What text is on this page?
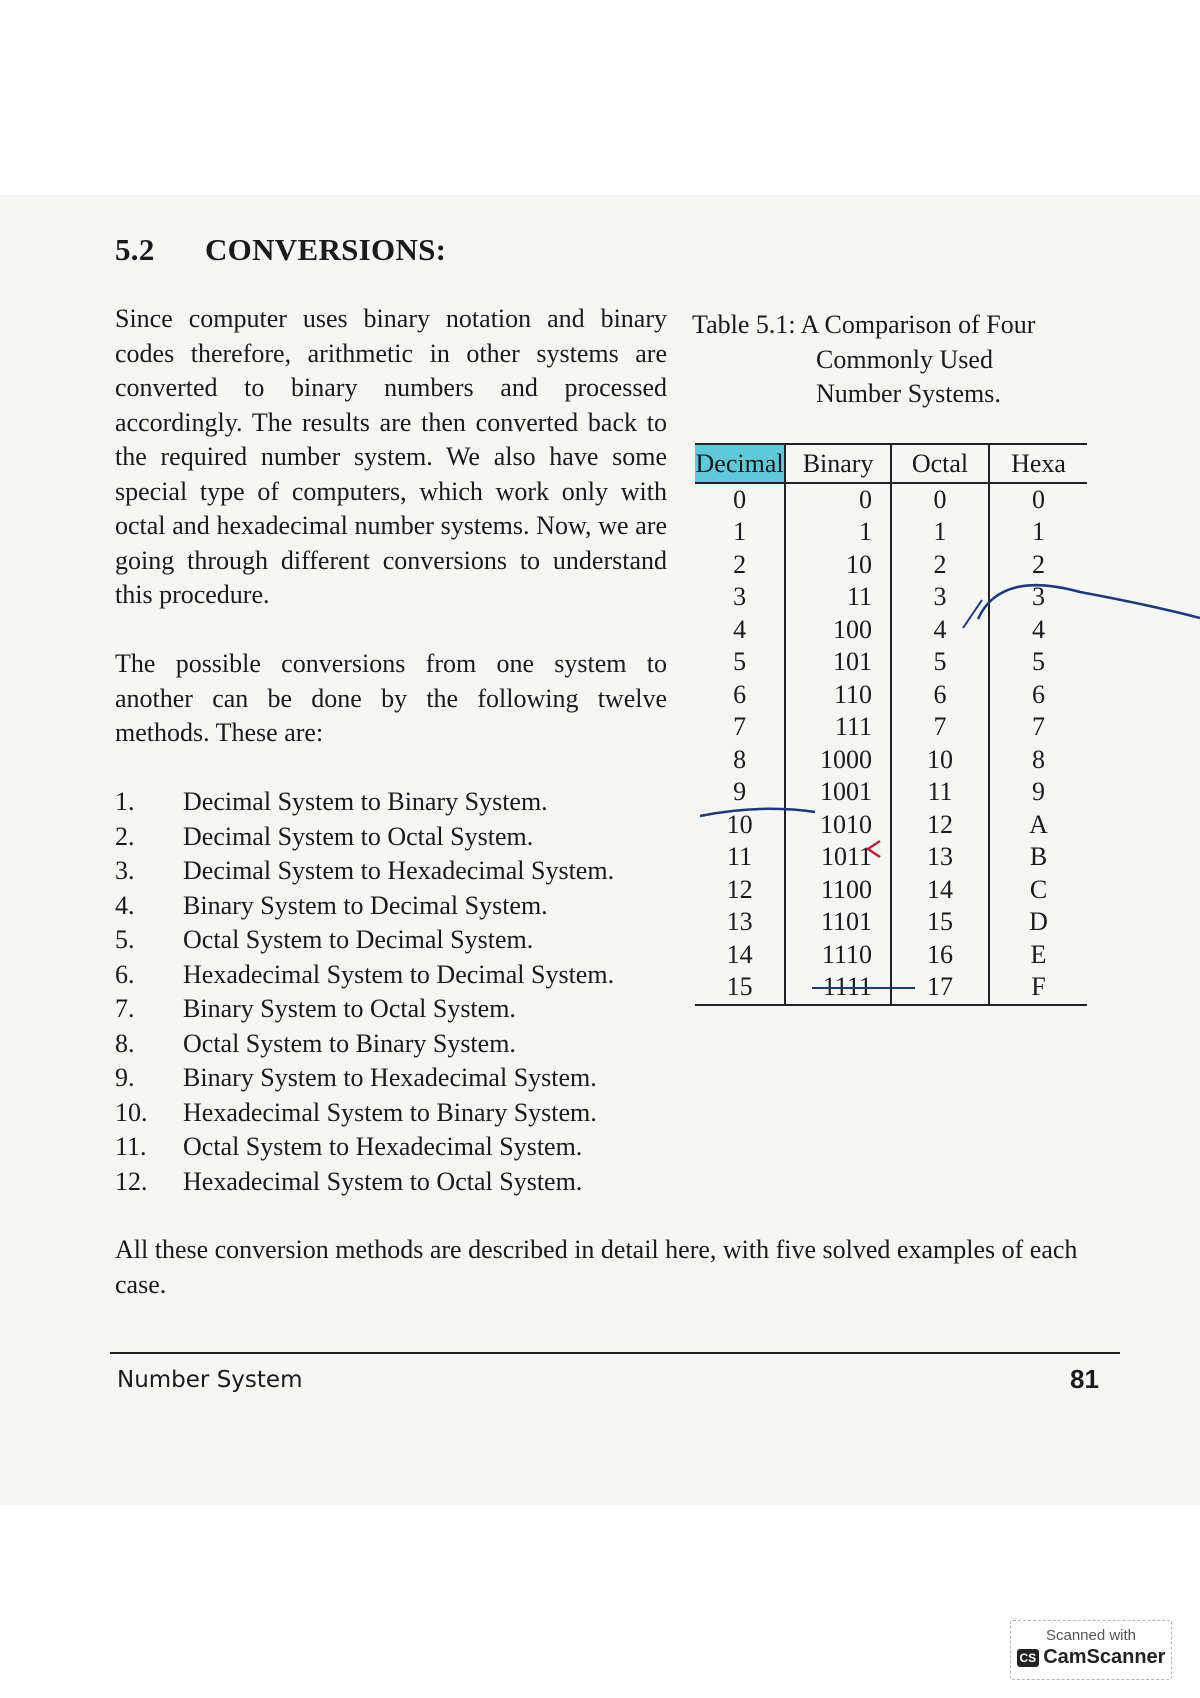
5.2 CONVERSIONS:

Since computer uses binary notation and binary codes therefore, arithmetic in other systems are converted to binary numbers and processed accordingly. The results are then converted back to the required number system. We also have some special type of computers, which work only with octal and hexadecimal number systems. Now, we are going through different conversions to understand this procedure.

The possible conversions from one system to another can be done by the following twelve methods. These are:

1.	Decimal System to Binary System.
2.	Decimal System to Octal System.
3.	Decimal System to Hexadecimal System.
4.	Binary System to Decimal System.
5.	Octal System to Decimal System.
6.	Hexadecimal System to Decimal System.
7.	Binary System to Octal System.
8.	Octal System to Binary System.
9.	Binary System to Hexadecimal System.
10.	Hexadecimal System to Binary System.
11.	Octal System to Hexadecimal System.
12.	Hexadecimal System to Octal System.

All these conversion methods are described in detail here, with five solved examples of each case.

Table 5.1: A Comparison of Four
Commonly Used
Number Systems.
Decimal	Binary	Octal	Hexa
0	0	0	0
1	1	1	1
2	10	2	2
3	11	3	3
4	100	4	4
5	101	5	5
6	110	6	6
7	111	7	7
8	1000	10	8
9	1001	11	9
10	1010	12	A
11	1011	13	B
12	1100	14	C
13	1101	15	D
14	1110	16	E
15	1111	17	F
Number System	81
Scanned with
CS CamScanner
